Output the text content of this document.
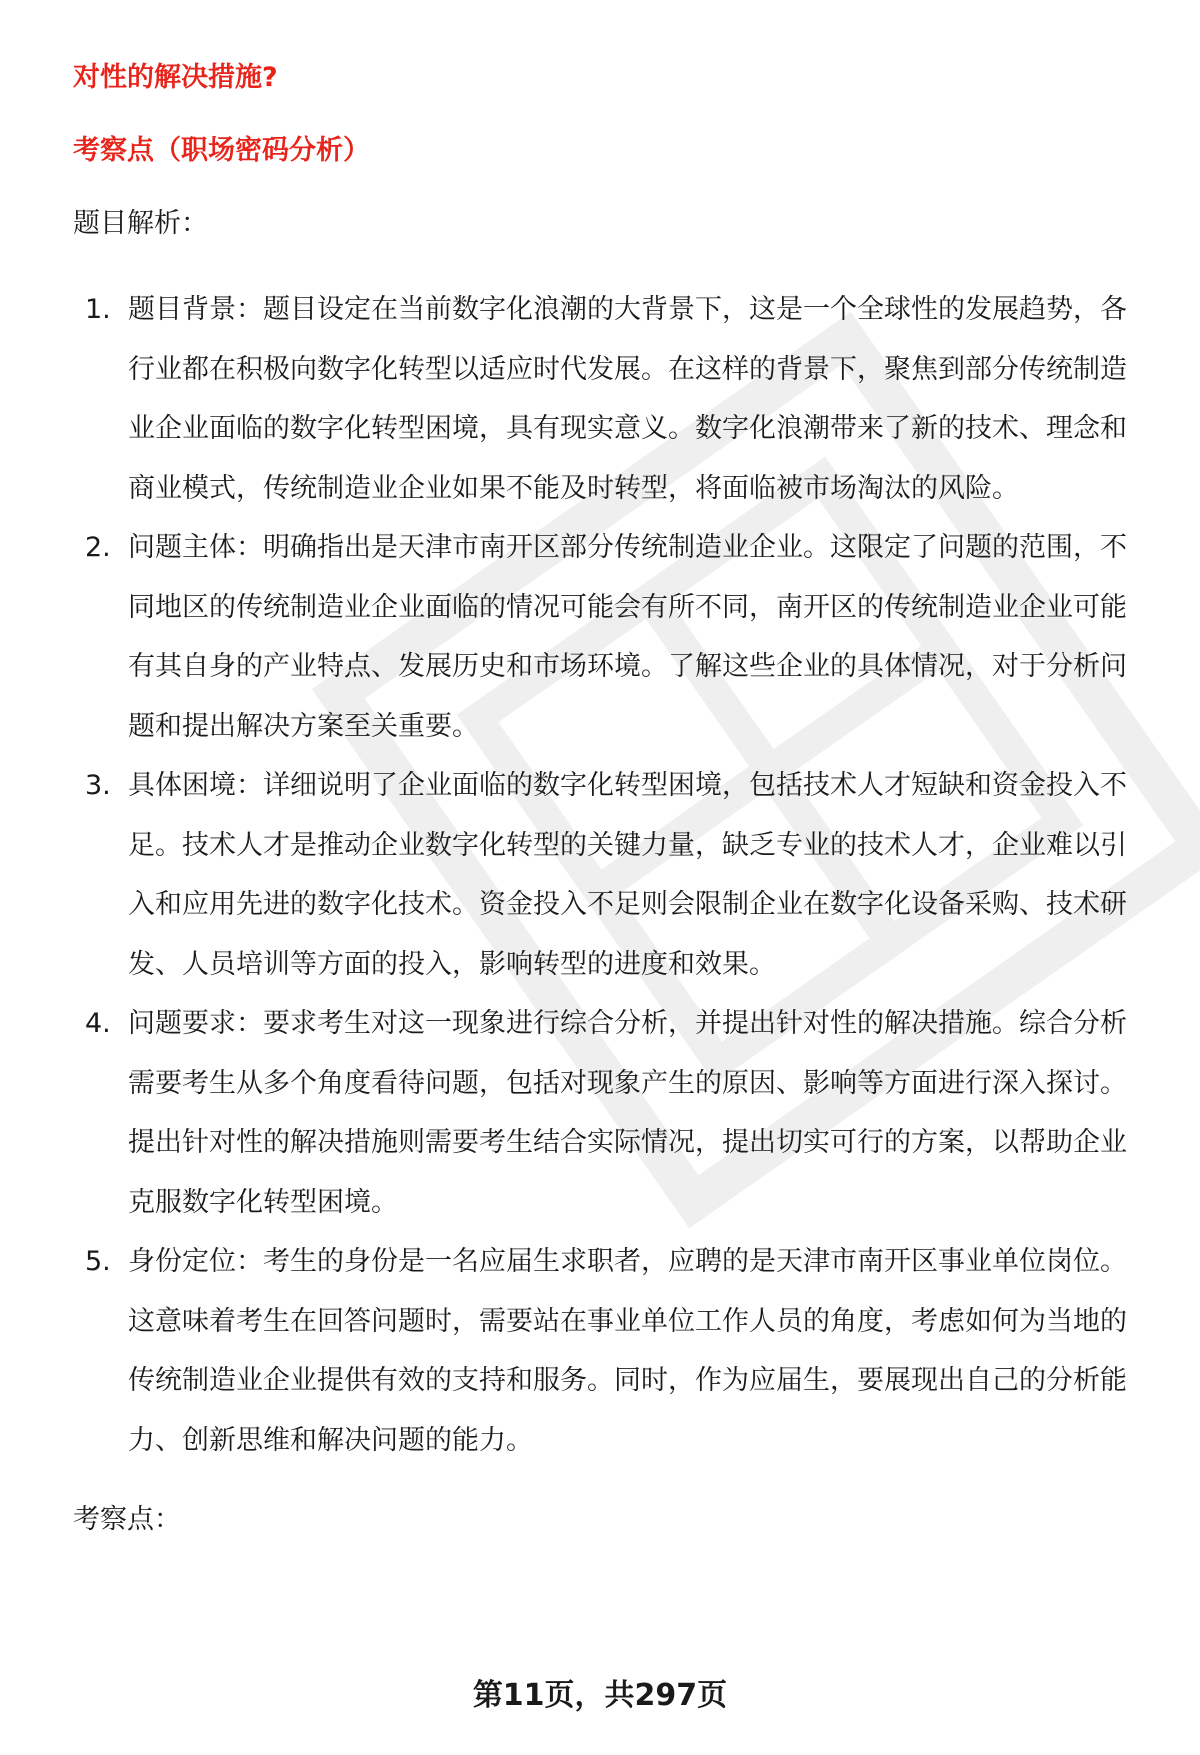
对性的解决措施?
考察点（职场密码分析）
题目解析：
1. 题目背景：题目设定在当前数字化浪潮的大背景下，这是一个全球性的发展趋势，各行业都在积极向数字化转型以适应时代发展。在这样的背景下，聚焦到部分传统制造业企业面临的数字化转型困境，具有现实意义。数字化浪潮带来了新的技术、理念和商业模式，传统制造业企业如果不能及时转型，将面临被市场淘汰的风险。
2. 问题主体：明确指出是天津市南开区部分传统制造业企业。这限定了问题的范围，不同地区的传统制造业企业面临的情况可能会有所不同，南开区的传统制造业企业可能有其自身的产业特点、发展历史和市场环境。了解这些企业的具体情况，对于分析问题和提出解决方案至关重要。
3. 具体困境：详细说明了企业面临的数字化转型困境，包括技术人才短缺和资金投入不足。技术人才是推动企业数字化转型的关键力量，缺乏专业的技术人才，企业难以引入和应用先进的数字化技术。资金投入不足则会限制企业在数字化设备采购、技术研发、人员培训等方面的投入，影响转型的进度和效果。
4. 问题要求：要求考生对这一现象进行综合分析，并提出针对性的解决措施。综合分析需要考生从多个角度看待问题，包括对现象产生的原因、影响等方面进行深入探讨。提出针对性的解决措施则需要考生结合实际情况，提出切实可行的方案，以帮助企业克服数字化转型困境。
5. 身份定位：考生的身份是一名应届生求职者，应聘的是天津市南开区事业单位岗位。这意味着考生在回答问题时，需要站在事业单位工作人员的角度，考虑如何为当地的传统制造业企业提供有效的支持和服务。同时，作为应届生，要展现出自己的分析能力、创新思维和解决问题的能力。
考察点：
第11页，共297页
